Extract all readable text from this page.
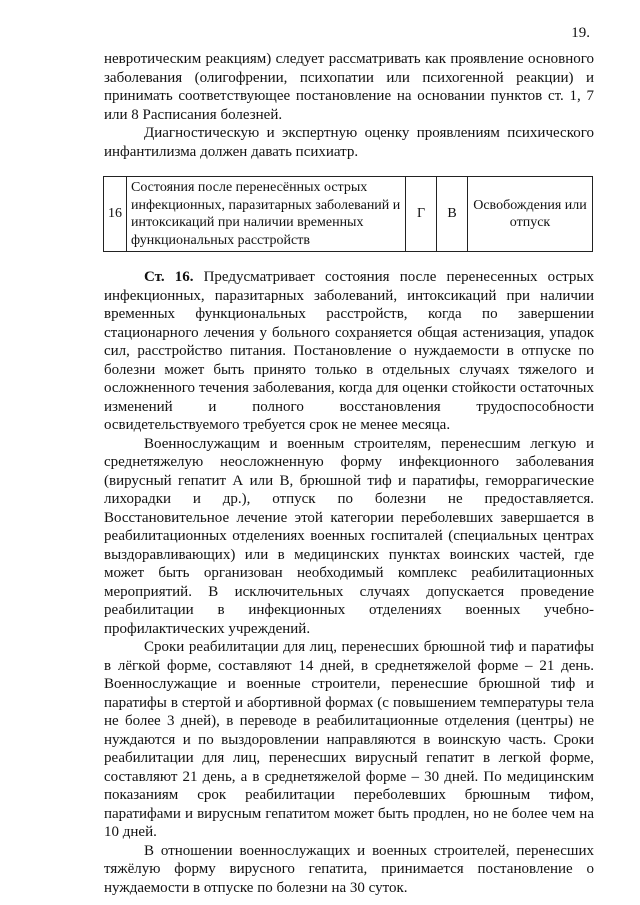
19.

невротическим реакциям) следует рассматривать как проявление основного заболевания (олигофрении, психопатии или психогенной реакции) и принимать соответствующее постановление на основании пунктов ст. 1, 7 или 8 Расписания болезней.

Диагностическую и экспертную оценку проявлениям психического инфантилизма должен давать психиатр.

16	Состояния после перенесённых острых инфекционных, паразитарных заболеваний и интоксикаций при наличии временных функциональных расстройств	Г	В	Освобождения или отпуск

Ст. 16. Предусматривает состояния после перенесенных острых инфекционных, паразитарных заболеваний, интоксикаций при наличии временных функциональных расстройств, когда по завершении стационарного лечения у больного сохраняется общая астенизация, упадок сил, расстройство питания. Постановление о нуждаемости в отпуске по болезни может быть принято только в отдельных случаях тяжелого и осложненного течения заболевания, когда для оценки стойкости остаточных изменений и полного восстановления трудоспособности освидетельствуемого требуется срок не менее месяца.

Военнослужащим и военным строителям, перенесшим легкую и среднетяжелую неосложненную форму инфекционного заболевания (вирусный гепатит А или В, брюшной тиф и паратифы, геморрагические лихорадки и др.), отпуск по болезни не предоставляется. Восстановительное лечение этой категории переболевших завершается в реабилитационных отделениях военных госпиталей (специальных центрах выздоравливающих) или в медицинских пунктах воинских частей, где может быть организован необходимый комплекс реабилитационных мероприятий. В исключительных случаях допускается проведение реабилитации в инфекционных отделениях военных учебно-профилактических учреждений.

Сроки реабилитации для лиц, перенесших брюшной тиф и паратифы в лёгкой форме, составляют 14 дней, в среднетяжелой форме – 21 день. Военнослужащие и военные строители, перенесшие брюшной тиф и паратифы в стертой и абортивной формах (с повышением температуры тела не более 3 дней), в переводе в реабилитационные отделения (центры) не нуждаются и по выздоровлении направляются в воинскую часть. Сроки реабилитации для лиц, перенесших вирусный гепатит в легкой форме, составляют 21 день, а в среднетяжелой форме – 30 дней. По медицинским показаниям срок реабилитации переболевших брюшным тифом, паратифами и вирусным гепатитом может быть продлен, но не более чем на 10 дней.

В отношении военнослужащих и военных строителей, перенесших тяжёлую форму вирусного гепатита, принимается постановление о нуждаемости в отпуске по болезни на 30 суток.
